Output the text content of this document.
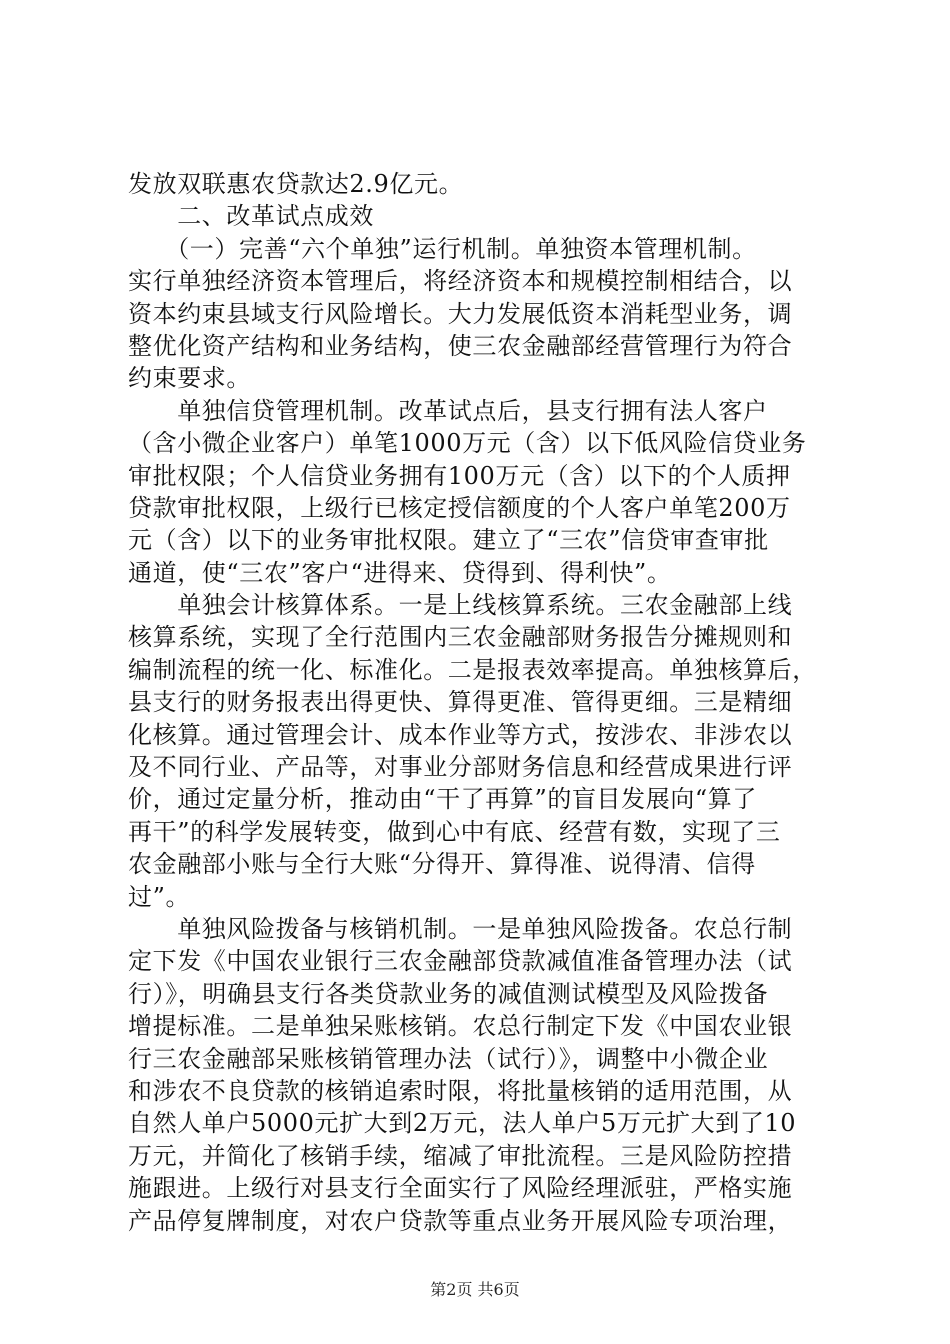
发放双联惠农贷款达2.9亿元。
　　二、改革试点成效
　　（一）完善“六个单独”运行机制。单独资本管理机制。
实行单独经济资本管理后，将经济资本和规模控制相结合，以
资本约束县域支行风险增长。大力发展低资本消耗型业务，调
整优化资产结构和业务结构，使三农金融部经营管理行为符合
约束要求。
　　单独信贷管理机制。改革试点后，县支行拥有法人客户
（含小微企业客户）单笔1000万元（含）以下低风险信贷业务
审批权限；个人信贷业务拥有100万元（含）以下的个人质押
贷款审批权限，上级行已核定授信额度的个人客户单笔200万
元（含）以下的业务审批权限。建立了“三农”信贷审查审批
通道，使“三农”客户“进得来、贷得到、得利快”。
　　单独会计核算体系。一是上线核算系统。三农金融部上线
核算系统，实现了全行范围内三农金融部财务报告分摊规则和
编制流程的统一化、标准化。二是报表效率提高。单独核算后，
县支行的财务报表出得更快、算得更准、管得更细。三是精细
化核算。通过管理会计、成本作业等方式，按涉农、非涉农以
及不同行业、产品等，对事业分部财务信息和经营成果进行评
价，通过定量分析，推动由“干了再算”的盲目发展向“算了
再干”的科学发展转变，做到心中有底、经营有数，实现了三
农金融部小账与全行大账“分得开、算得准、说得清、信得
过”。
　　单独风险拨备与核销机制。一是单独风险拨备。农总行制
定下发《中国农业银行三农金融部贷款减值准备管理办法（试
行）》，明确县支行各类贷款业务的减值测试模型及风险拨备
增提标准。二是单独呆账核销。农总行制定下发《中国农业银
行三农金融部呆账核销管理办法（试行）》，调整中小微企业
和涉农不良贷款的核销追索时限，将批量核销的适用范围，从
自然人单户5000元扩大到2万元，法人单户5万元扩大到了10
万元，并简化了核销手续，缩减了审批流程。三是风险防控措
施跟进。上级行对县支行全面实行了风险经理派驻，严格实施
产品停复牌制度，对农户贷款等重点业务开展风险专项治理，
第2页 共6页
